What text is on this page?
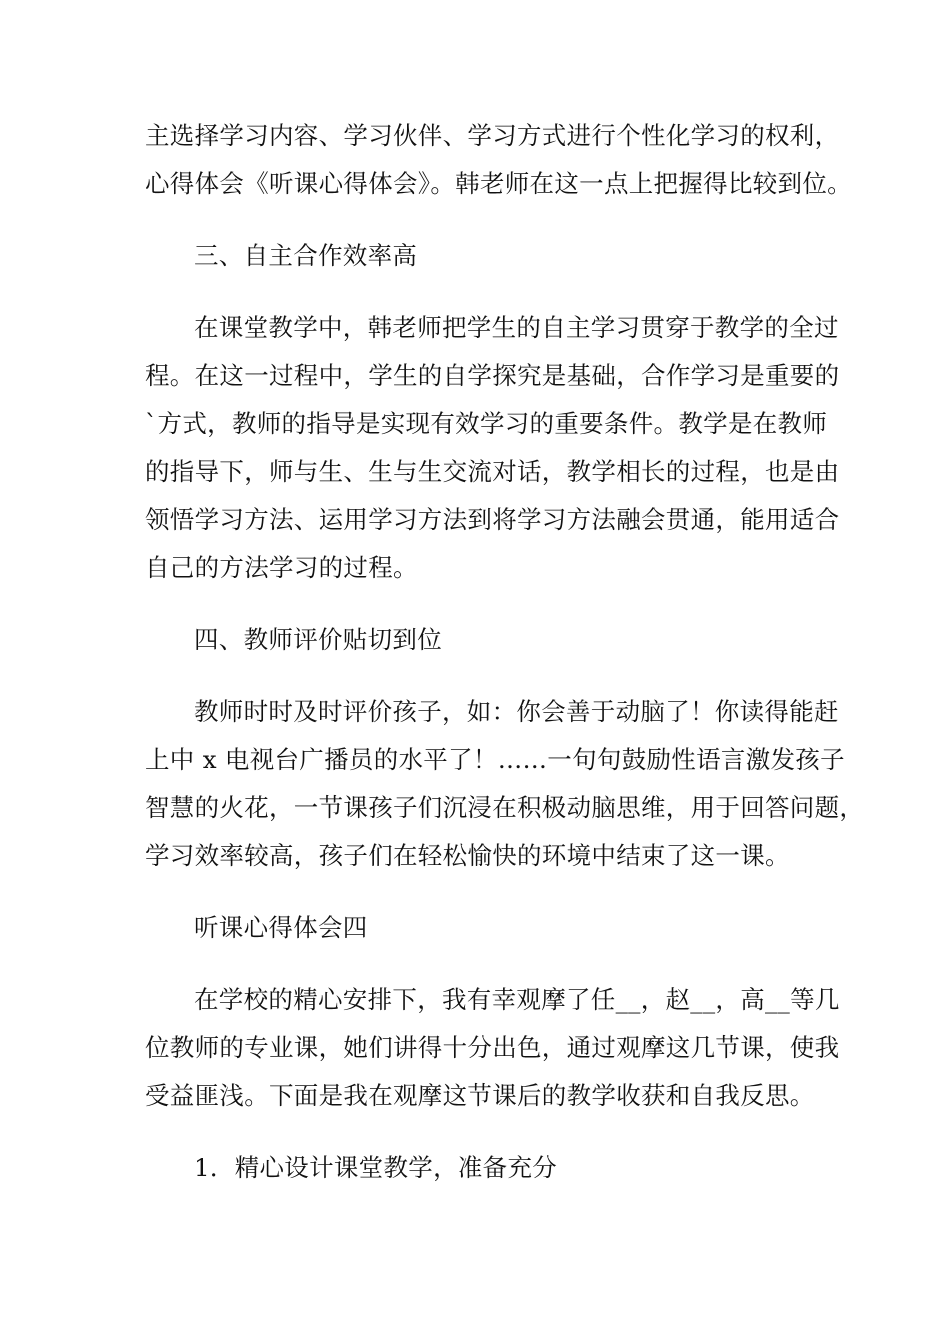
主选择学习内容、学习伙伴、学习方式进行个性化学习的权利，
心得体会《听课心得体会》。韩老师在这一点上把握得比较到位。
三、自主合作效率高
在课堂教学中，韩老师把学生的自主学习贯穿于教学的全过
程。在这一过程中，学生的自学探究是基础，合作学习是重要的
`方式，教师的指导是实现有效学习的重要条件。教学是在教师
的指导下，师与生、生与生交流对话，教学相长的过程，也是由
领悟学习方法、运用学习方法到将学习方法融会贯通，能用适合
自己的方法学习的过程。
四、教师评价贴切到位
教师时时及时评价孩子，如：你会善于动脑了！你读得能赶
上中 x 电视台广播员的水平了！……一句句鼓励性语言激发孩子
智慧的火花，一节课孩子们沉浸在积极动脑思维，用于回答问题，
学习效率较高，孩子们在轻松愉快的环境中结束了这一课。
听课心得体会四
在学校的精心安排下，我有幸观摩了任__，赵__，高__等几
位教师的专业课，她们讲得十分出色，通过观摩这几节课，使我
受益匪浅。下面是我在观摩这节课后的教学收获和自我反思。
1．精心设计课堂教学，准备充分
